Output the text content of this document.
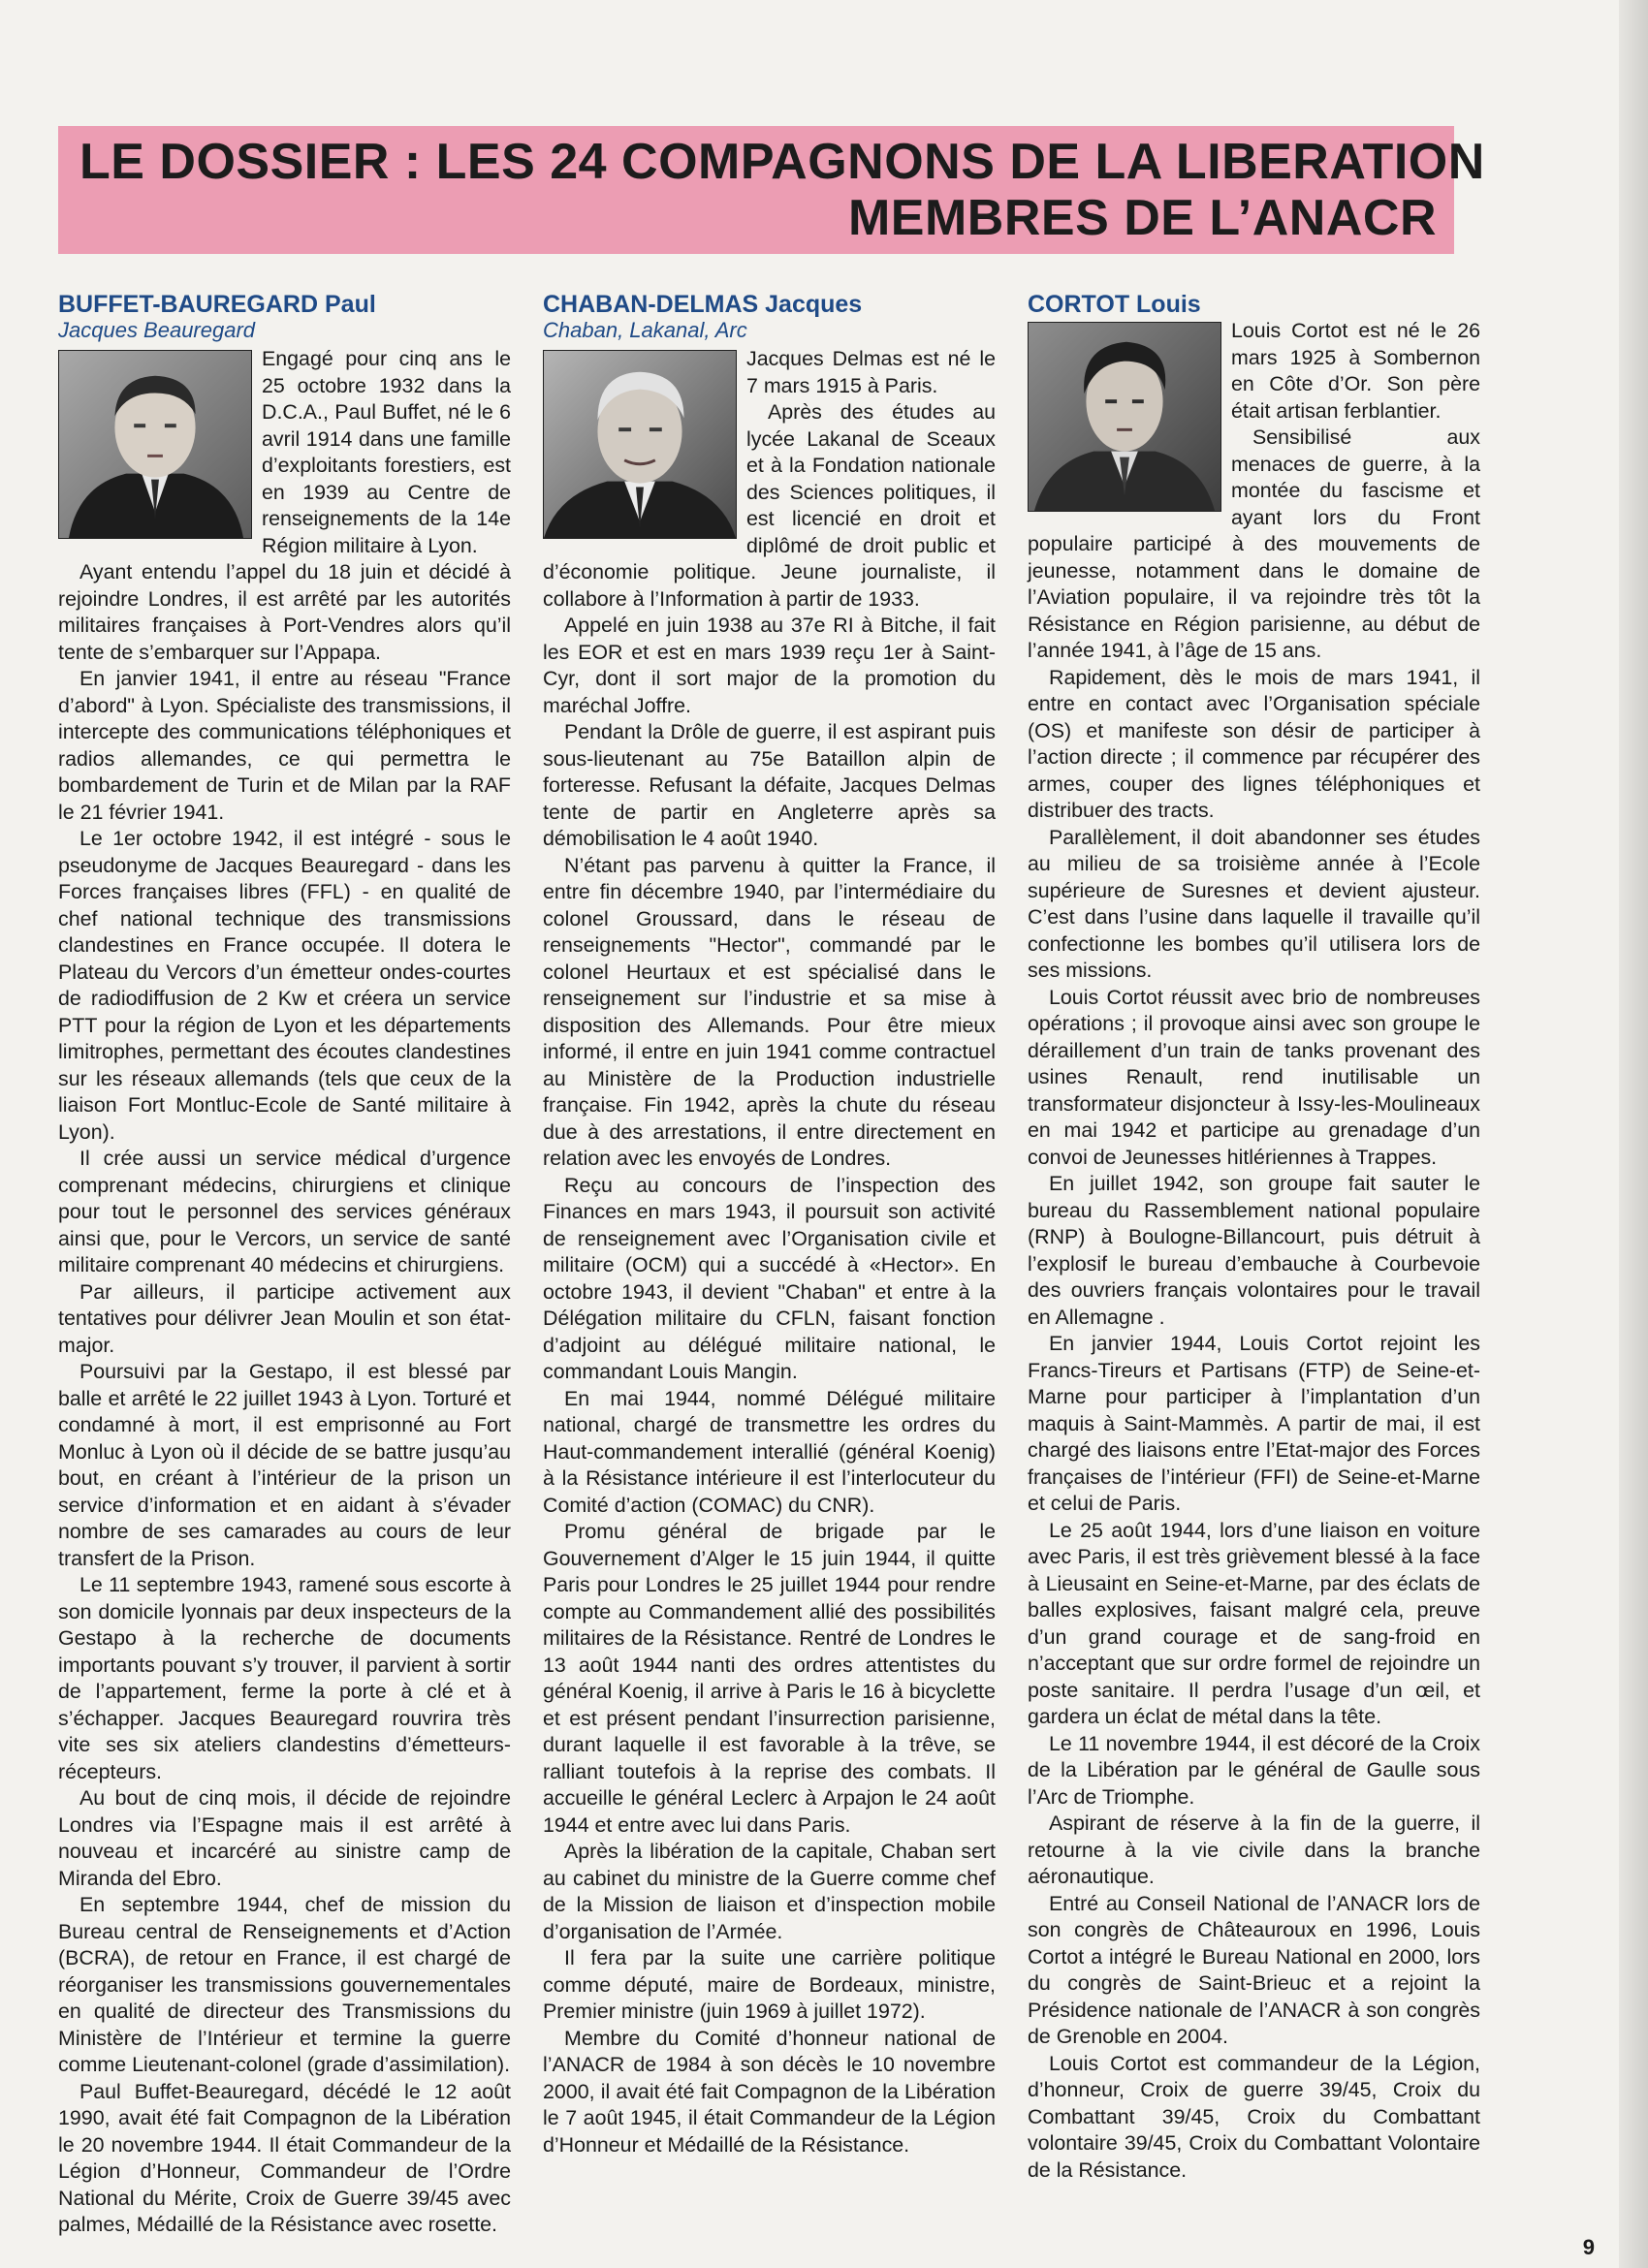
LE DOSSIER : LES 24 COMPAGNONS DE LA LIBERATION
MEMBRES DE L’ANACR
BUFFET-BAUREGARD Paul
Jacques Beauregard

Engagé pour cinq ans le 25 octobre 1932 dans la D.C.A., Paul Buffet, né le 6 avril 1914 dans une famille d’exploitants forestiers, est en 1939 au Centre de renseignements de la 14e Région militaire à Lyon.

Ayant entendu l’appel du 18 juin et décidé à rejoindre Londres, il est arrêté par les autorités militaires françaises à Port-Vendres alors qu’il tente de s’embarquer sur l’Appapa.

En janvier 1941, il entre au réseau "France d’abord" à Lyon. Spécialiste des transmissions, il intercepte des communications téléphoniques et radios allemandes, ce qui permettra le bombardement de Turin et de Milan par la RAF le 21 février 1941.

Le 1er octobre 1942, il est intégré - sous le pseudonyme de Jacques Beauregard - dans les Forces françaises libres (FFL) - en qualité de chef national technique des transmissions clandestines en France occupée. Il dotera le Plateau du Vercors d’un émetteur ondes-courtes de radiodiffusion de 2 Kw et créera un service PTT pour la région de Lyon et les départements limitrophes, permettant des écoutes clandestines sur les réseaux allemands (tels que ceux de la liaison Fort Montluc-Ecole de Santé militaire à Lyon).

Il crée aussi un service médical d’urgence comprenant médecins, chirurgiens et clinique pour tout le personnel des services généraux ainsi que, pour le Vercors, un service de santé militaire comprenant 40 médecins et chirurgiens.

Par ailleurs, il participe activement aux tentatives pour délivrer Jean Moulin et son état-major.

Poursuivi par la Gestapo, il est blessé par balle et arrêté le 22 juillet 1943 à Lyon. Torturé et condamné à mort, il est emprisonné au Fort Monluc à Lyon où il décide de se battre jusqu’au bout, en créant à l’intérieur de la prison un service d’information et en aidant à s’évader nombre de ses camarades au cours de leur transfert de la Prison.

Le 11 septembre 1943, ramené sous escorte à son domicile lyonnais par deux inspecteurs de la Gestapo à la recherche de documents importants pouvant s’y trouver, il parvient à sortir de l’appartement, ferme la porte à clé et à s’échapper. Jacques Beauregard rouvrira très vite ses six ateliers clandestins d’émetteurs-récepteurs.

Au bout de cinq mois, il décide de rejoindre Londres via l’Espagne mais il est arrêté à nouveau et incarcéré au sinistre camp de Miranda del Ebro.

En septembre 1944, chef de mission du Bureau central de Renseignements et d’Action (BCRA), de retour en France, il est chargé de réorganiser les transmissions gouvernementales en qualité de directeur des Transmissions du Ministère de l’Intérieur et termine la guerre comme Lieutenant-colonel (grade d’assimilation).

Paul Buffet-Beauregard, décédé le 12 août 1990, avait été fait Compagnon de la Libération le 20 novembre 1944. Il était Commandeur de la Légion d’Honneur, Commandeur de l’Ordre National du Mérite, Croix de Guerre 39/45 avec palmes, Médaillé de la Résistance avec rosette.

CHABAN-DELMAS Jacques
Chaban, Lakanal, Arc

Jacques Delmas est né le 7 mars 1915 à Paris.

Après des études au lycée Lakanal de Sceaux et à la Fondation nationale des Sciences politiques, il est licencié en droit et diplômé de droit public et d’économie politique. Jeune journaliste, il collabore à l’Information à partir de 1933.

Appelé en juin 1938 au 37e RI à Bitche, il fait les EOR et est en mars 1939 reçu 1er à Saint-Cyr, dont il sort major de la promotion du maréchal Joffre.

Pendant la Drôle de guerre, il est aspirant puis sous-lieutenant au 75e Bataillon alpin de forteresse. Refusant la défaite, Jacques Delmas tente de partir en Angleterre après sa démobilisation le 4 août 1940.

N’étant pas parvenu à quitter la France, il entre fin décembre 1940, par l’intermédiaire du colonel Groussard, dans le réseau de renseignements "Hector", commandé par le colonel Heurtaux et est spécialisé dans le renseignement sur l’industrie et sa mise à disposition des Allemands. Pour être mieux informé, il entre en juin 1941 comme contractuel au Ministère de la Production industrielle française. Fin 1942, après la chute du réseau due à des arrestations, il entre directement en relation avec les envoyés de Londres.

Reçu au concours de l’inspection des Finances en mars 1943, il poursuit son activité de renseignement avec l’Organisation civile et militaire (OCM) qui a succédé à «Hector». En octobre 1943, il devient "Chaban" et entre à la Délégation militaire du CFLN, faisant fonction d’adjoint au délégué militaire national, le commandant Louis Mangin.

En mai 1944, nommé Délégué militaire national, chargé de transmettre les ordres du Haut-commandement interallié (général Koenig) à la Résistance intérieure il est l’interlocuteur du Comité d’action (COMAC) du CNR).

Promu général de brigade par le Gouvernement d’Alger le 15 juin 1944, il quitte Paris pour Londres le 25 juillet 1944 pour rendre compte au Commandement allié des possibilités militaires de la Résistance. Rentré de Londres le 13 août 1944 nanti des ordres attentistes du général Koenig, il arrive à Paris le 16 à bicyclette et est présent pendant l’insurrection parisienne, durant laquelle il est favorable à la trêve, se ralliant toutefois à la reprise des combats. Il accueille le général Leclerc à Arpajon le 24 août 1944 et entre avec lui dans Paris.

Après la libération de la capitale, Chaban sert au cabinet du ministre de la Guerre comme chef de la Mission de liaison et d’inspection mobile d’organisation de l’Armée.

Il fera par la suite une carrière politique comme député, maire de Bordeaux, ministre, Premier ministre (juin 1969 à juillet 1972).

Membre du Comité d’honneur national de l’ANACR de 1984 à son décès le 10 novembre 2000, il avait été fait Compagnon de la Libération le 7 août 1945, il était Commandeur de la Légion d’Honneur et Médaillé de la Résistance.

CORTOT Louis

Louis Cortot est né le 26 mars 1925 à Sombernon en Côte d’Or. Son père était artisan ferblantier.

Sensibilisé aux menaces de guerre, à la montée du fascisme et ayant lors du Front populaire participé à des mouvements de jeunesse, notamment dans le domaine de l’Aviation populaire, il va rejoindre très tôt la Résistance en Région parisienne, au début de l’année 1941, à l’âge de 15 ans.

Rapidement, dès le mois de mars 1941, il entre en contact avec l’Organisation spéciale (OS) et manifeste son désir de participer à l’action directe ; il commence par récupérer des armes, couper des lignes téléphoniques et distribuer des tracts.

Parallèlement, il doit abandonner ses études au milieu de sa troisième année à l’Ecole supérieure de Suresnes et devient ajusteur. C’est dans l’usine dans laquelle il travaille qu’il confectionne les bombes qu’il utilisera lors de ses missions.

Louis Cortot réussit avec brio de nombreuses opérations ; il provoque ainsi avec son groupe le déraillement d’un train de tanks provenant des usines Renault, rend inutilisable un transformateur disjoncteur à Issy-les-Moulineaux en mai 1942 et participe au grenadage d’un convoi de Jeunesses hitlériennes à Trappes.

En juillet 1942, son groupe fait sauter le bureau du Rassemblement national populaire (RNP) à Boulogne-Billancourt, puis détruit à l’explosif le bureau d’embauche à Courbevoie des ouvriers français volontaires pour le travail en Allemagne .

En janvier 1944, Louis Cortot rejoint les Francs-Tireurs et Partisans (FTP) de Seine-et-Marne pour participer à l’implantation d’un maquis à Saint-Mammès. A partir de mai, il est chargé des liaisons entre l’Etat-major des Forces françaises de l’intérieur (FFI) de Seine-et-Marne et celui de Paris.

Le 25 août 1944, lors d’une liaison en voiture avec Paris, il est très grièvement blessé à la face à Lieusaint en Seine-et-Marne, par des éclats de balles explosives, faisant malgré cela, preuve d’un grand courage et de sang-froid en n’acceptant que sur ordre formel de rejoindre un poste sanitaire. Il perdra l’usage d’un œil, et gardera un éclat de métal dans la tête.

Le 11 novembre 1944, il est décoré de la Croix de la Libération par le général de Gaulle sous l’Arc de Triomphe.

Aspirant de réserve à la fin de la guerre, il retourne à la vie civile dans la branche aéronautique.

Entré au Conseil National de l’ANACR lors de son congrès de Châteauroux en 1996, Louis Cortot a intégré le Bureau National en 2000, lors du congrès de Saint-Brieuc et a rejoint la Présidence nationale de l’ANACR à son congrès de Grenoble en 2004.

Louis Cortot est commandeur de la Légion, d’honneur, Croix de guerre 39/45, Croix du Combattant 39/45, Croix du Combattant volontaire 39/45, Croix du Combattant Volontaire de la Résistance.

9
